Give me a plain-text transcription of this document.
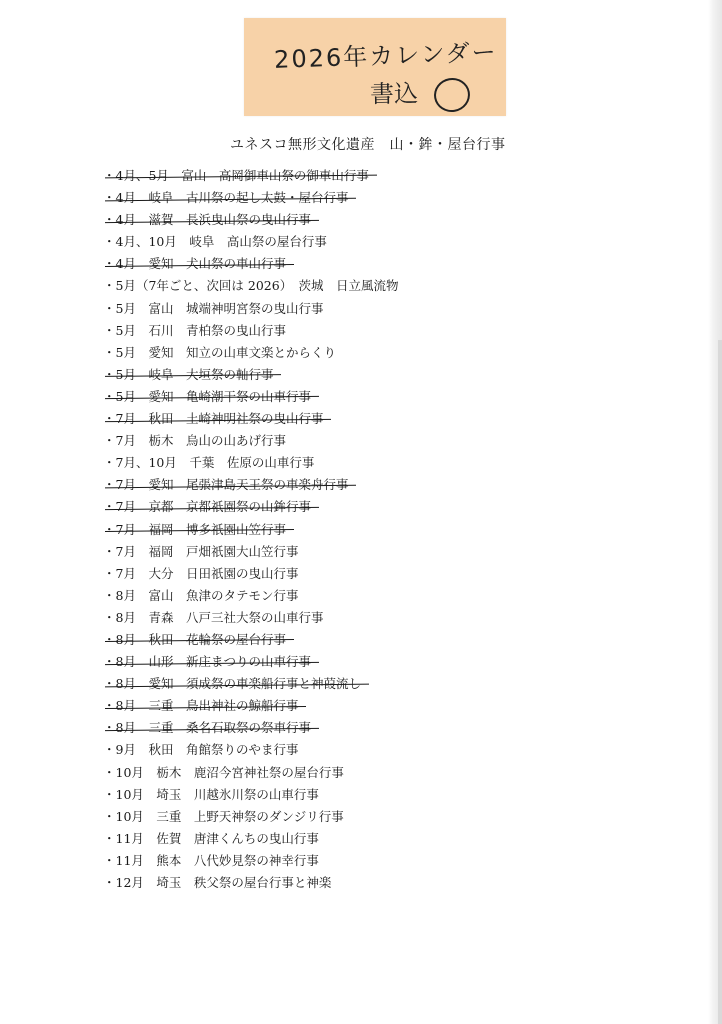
2026年カレンダー
書込
ユネスコ無形文化遺産　山・鉾・屋台行事
・4月、5月　富山　高岡御車山祭の御車山行事
・4月　岐阜　古川祭の起し太鼓・屋台行事
・4月　滋賀　長浜曳山祭の曳山行事
・4月、10月　岐阜　高山祭の屋台行事
・4月　愛知　犬山祭の車山行事
・5月（7年ごと、次回は 2026）　茨城　日立風流物
・5月　富山　城端神明宮祭の曳山行事
・5月　石川　青柏祭の曳山行事
・5月　愛知　知立の山車文楽とからくり
・5月　岐阜　大垣祭の軕行事
・5月　愛知　亀崎潮干祭の山車行事
・7月　秋田　土崎神明社祭の曳山行事
・7月　栃木　烏山の山あげ行事
・7月、10月　千葉　佐原の山車行事
・7月　愛知　尾張津島天王祭の車楽舟行事
・7月　京都　京都祇園祭の山鉾行事
・7月　福岡　博多祇園山笠行事
・7月　福岡　戸畑祇園大山笠行事
・7月　大分　日田祇園の曳山行事
・8月　富山　魚津のタテモン行事
・8月　青森　八戸三社大祭の山車行事
・8月　秋田　花輪祭の屋台行事
・8月　山形　新庄まつりの山車行事
・8月　愛知　須成祭の車楽船行事と神葭流し
・8月　三重　鳥出神社の鯨船行事
・8月　三重　桑名石取祭の祭車行事
・9月　秋田　角館祭りのやま行事
・10月　栃木　鹿沼今宮神社祭の屋台行事
・10月　埼玉　川越氷川祭の山車行事
・10月　三重　上野天神祭のダンジリ行事
・11月　佐賀　唐津くんちの曳山行事
・11月　熊本　八代妙見祭の神幸行事
・12月　埼玉　秩父祭の屋台行事と神楽
